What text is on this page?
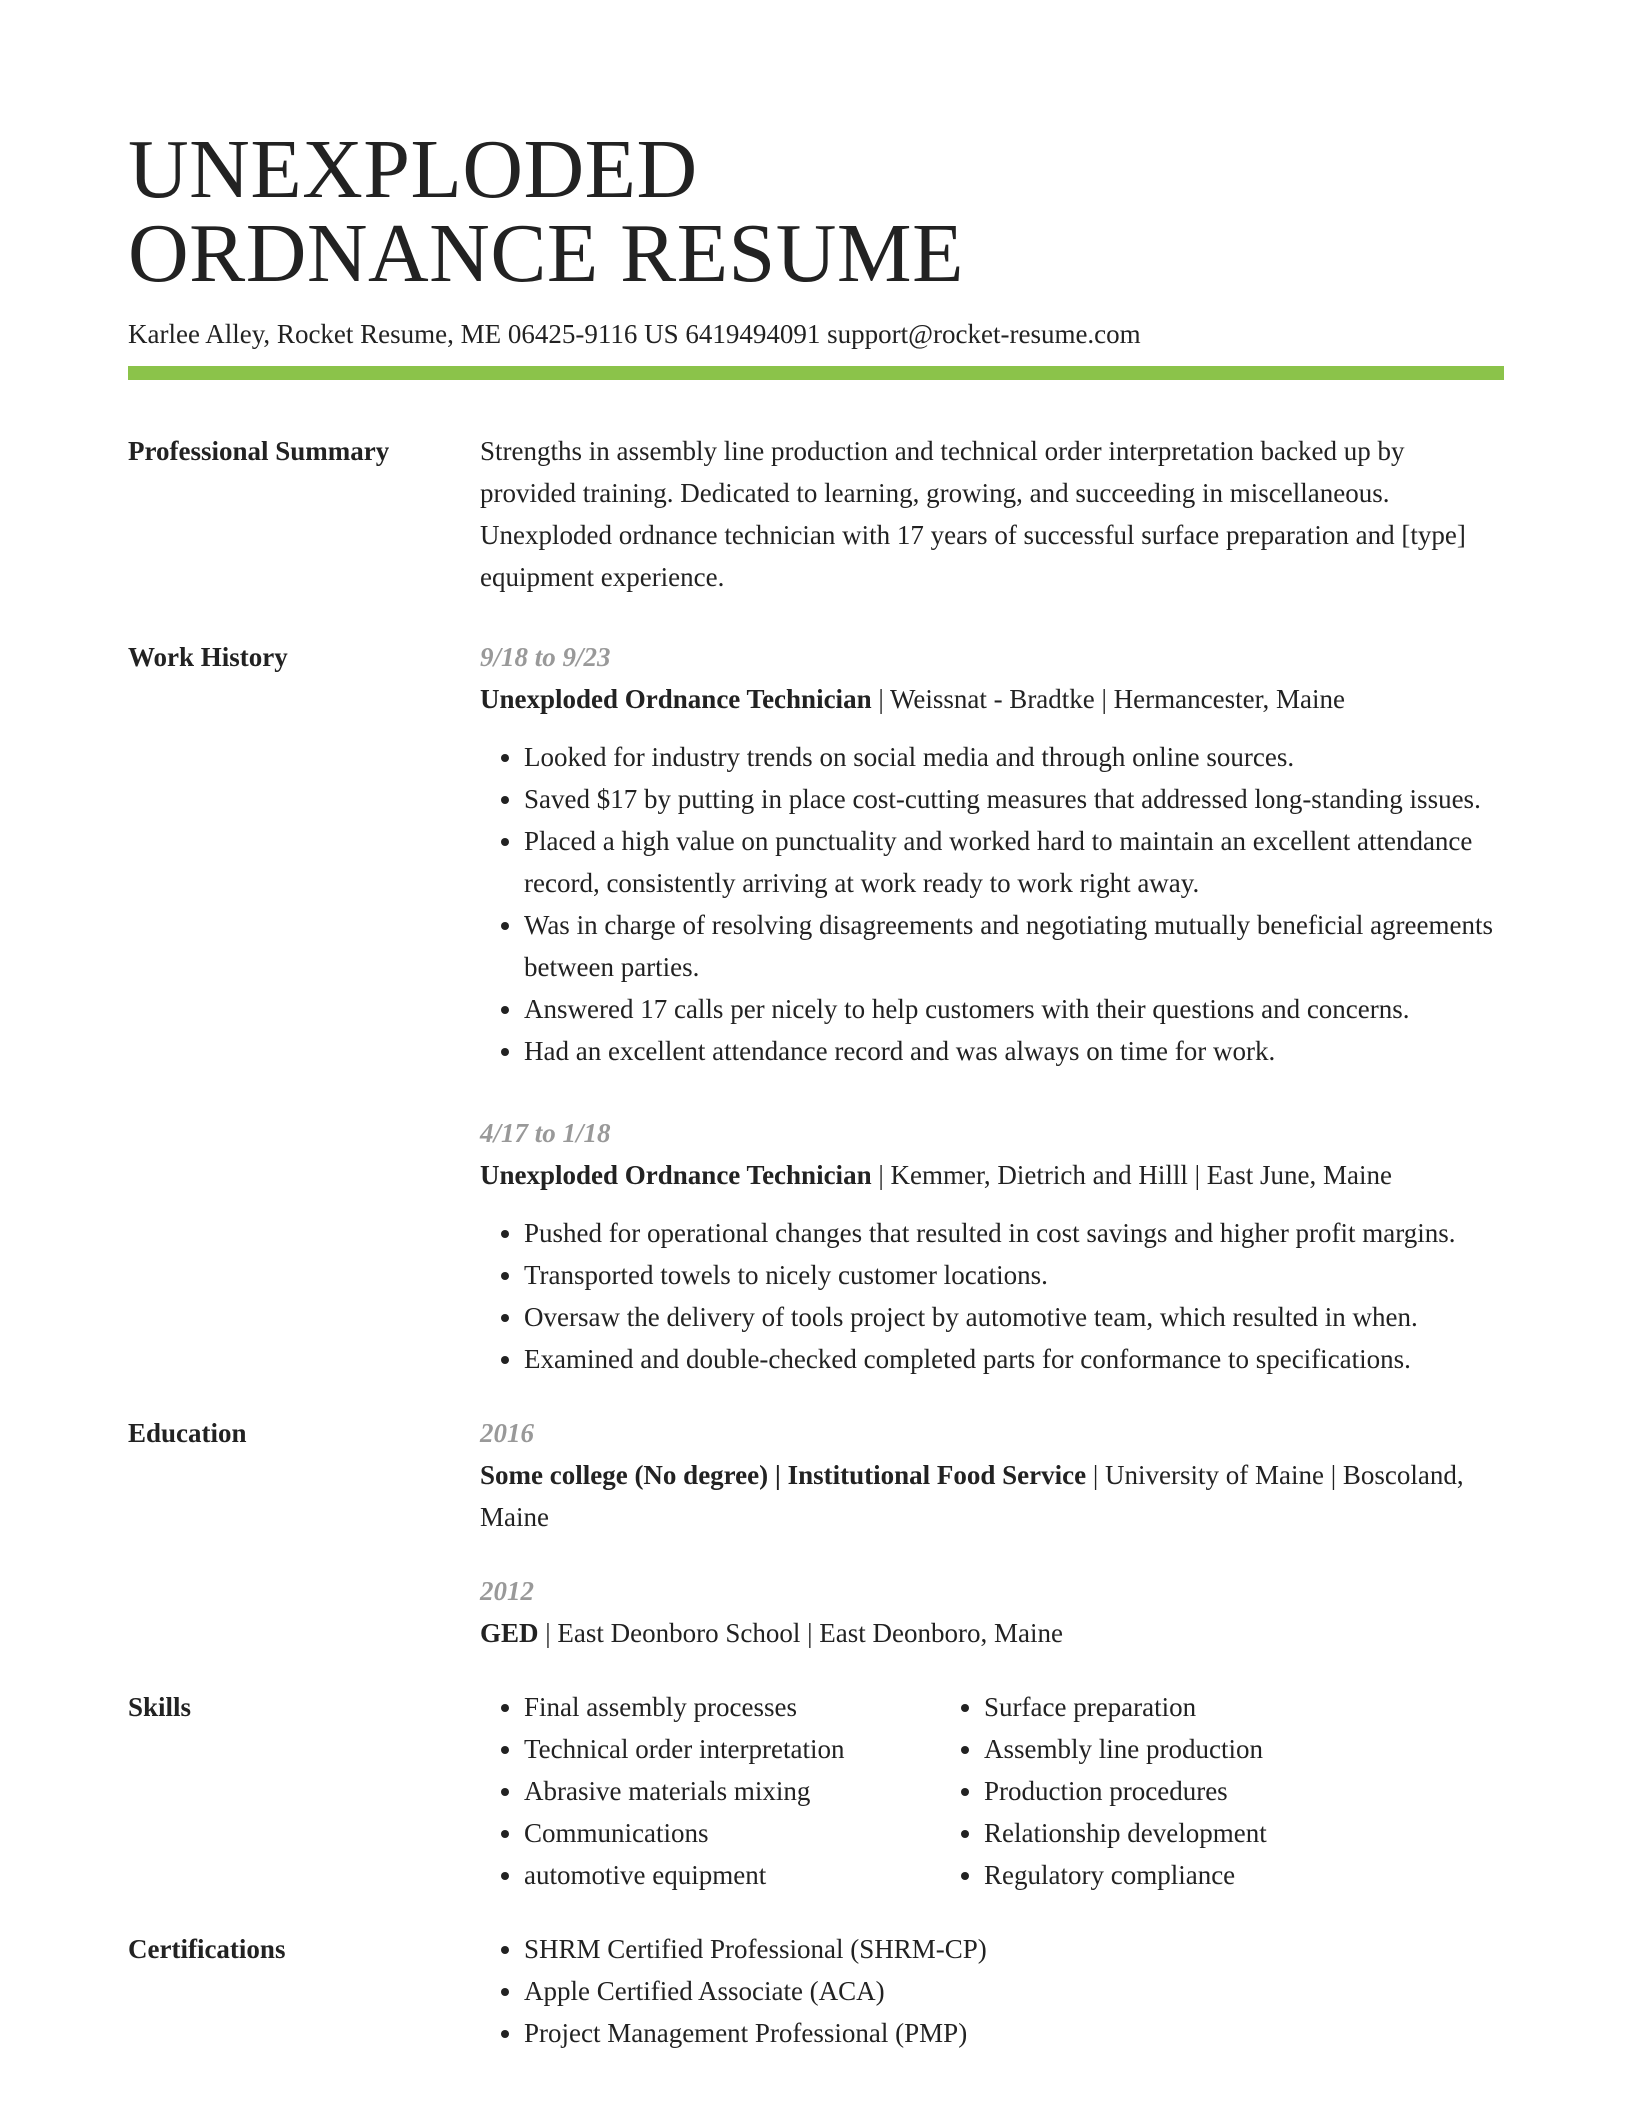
UNEXPLODED
ORDNANCE RESUME
Karlee Alley, Rocket Resume, ME 06425-9116 US 6419494091 support@rocket-resume.com
Professional Summary	Strengths in assembly line production and technical order interpretation backed up by provided training. Dedicated to learning, growing, and succeeding in miscellaneous. Unexploded ordnance technician with 17 years of successful surface preparation and [type] equipment experience.

Work History	9/18 to 9/23

Unexploded Ordnance Technician | Weissnat - Bradtke | Hermancester, Maine

• Looked for industry trends on social media and through online sources.
• Saved $17 by putting in place cost-cutting measures that addressed long-standing issues.
• Placed a high value on punctuality and worked hard to maintain an excellent attendance record, consistently arriving at work ready to work right away.
• Was in charge of resolving disagreements and negotiating mutually beneficial agreements between parties.
• Answered 17 calls per nicely to help customers with their questions and concerns.
• Had an excellent attendance record and was always on time for work.
4/17 to 1/18

Unexploded Ordnance Technician | Kemmer, Dietrich and Hilll | East June, Maine

• Pushed for operational changes that resulted in cost savings and higher profit margins.
• Transported towels to nicely customer locations.
• Oversaw the delivery of tools project by automotive team, which resulted in when.
• Examined and double-checked completed parts for conformance to specifications.
Education	2016

Some college (No degree) | Institutional Food Service | University of Maine | Boscoland, Maine

2012

GED | East Deonboro School | East Deonboro, Maine

Skills	• Final assembly processes
• Technical order interpretation
• Abrasive materials mixing
• Communications
• automotive equipment
• Surface preparation
• Assembly line production
• Production procedures
• Relationship development
• Regulatory compliance
Certifications	• SHRM Certified Professional (SHRM-CP)
• Apple Certified Associate (ACA)
• Project Management Professional (PMP)
